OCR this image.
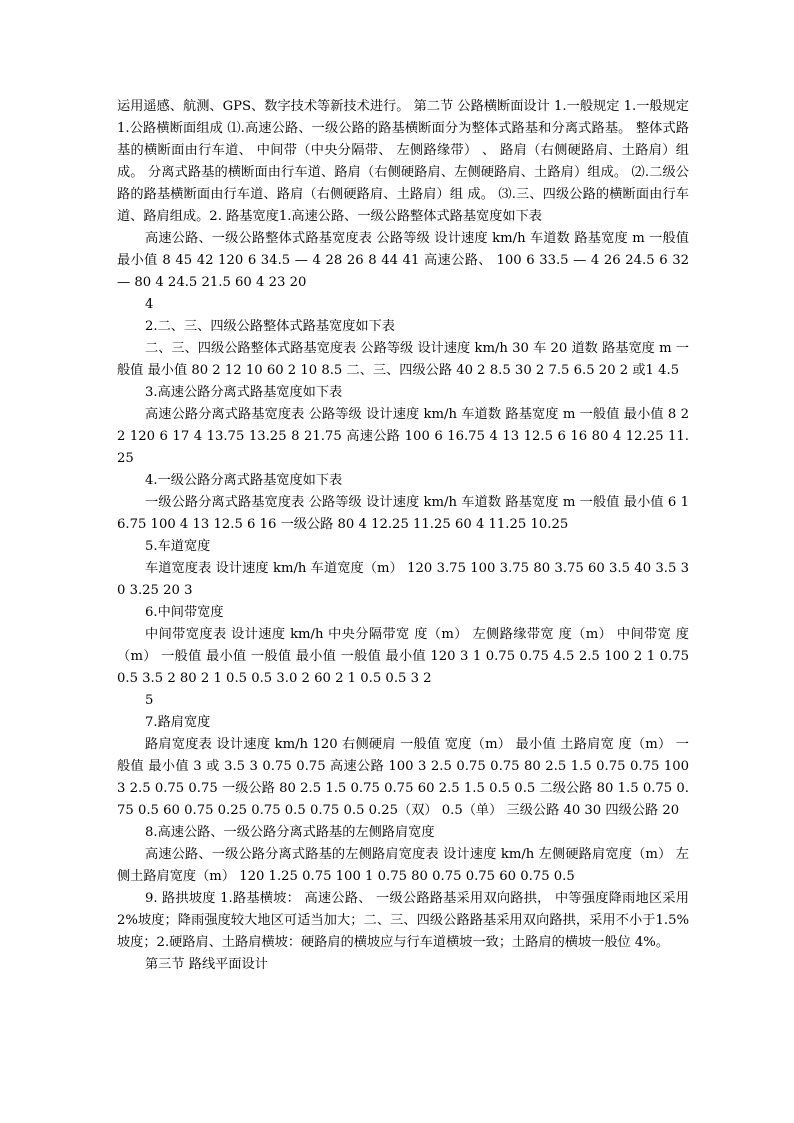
运用遥感、航测、GPS、数字技术等新技术进行。 第二节 公路横断面设计 1.一般规定 1.一般规定 1.公路横断面组成 ⑴.高速公路、一级公路的路基横断面分为整体式路基和分离式路基。 整体式路基的横断面由行车道、 中间带（中央分隔带、 左侧路缘带） 、 路肩（右侧硬路肩、土路肩）组成。 分离式路基的横断面由行车道、路肩（右侧硬路肩、左侧硬路肩、土路肩）组成。 ⑵.二级公路的路基横断面由行车道、路肩（右侧硬路肩、土路肩）组 成。 ⑶.三、四级公路的横断面由行车道、路肩组成。2. 路基宽度1.高速公路、一级公路整体式路基宽度如下表

高速公路、一级公路整体式路基宽度表 公路等级 设计速度 km/h 车道数 路基宽度 m 一般值 最小值 8 45 42 120 6 34.5 — 4 28 26 8 44 41 高速公路、 100 6 33.5 — 4 26 24.5 6 32 — 80 4 24.5 21.5 60 4 23 20

4

2.二、三、四级公路整体式路基宽度如下表

二、三、四级公路整体式路基宽度表 公路等级 设计速度 km/h 30 车 20 道数 路基宽度 m 一般值 最小值 80 2 12 10 60 2 10 8.5 二、三、四级公路 40 2 8.5 30 2 7.5 6.5 20 2 或1 4.5

3.高速公路分离式路基宽度如下表

高速公路分离式路基宽度表 公路等级 设计速度 km/h 车道数 路基宽度 m 一般值 最小值 8 22 120 6 17 4 13.75 13.25 8 21.75 高速公路 100 6 16.75 4 13 12.5 6 16 80 4 12.25 11.25

4.一级公路分离式路基宽度如下表

一级公路分离式路基宽度表 公路等级 设计速度 km/h 车道数 路基宽度 m 一般值 最小值 6 16.75 100 4 13 12.5 6 16 一级公路 80 4 12.25 11.25 60 4 11.25 10.25

5.车道宽度

车道宽度表 设计速度 km/h 车道宽度（m） 120 3.75 100 3.75 80 3.75 60 3.5 40 3.5 30 3.25 20 3

6.中间带宽度

中间带宽度表 设计速度 km/h 中央分隔带宽 度（m） 左侧路缘带宽 度（m） 中间带宽 度 （m） 一般值 最小值 一般值 最小值 一般值 最小值 120 3 1 0.75 0.75 4.5 2.5 100 2 1 0.75 0.5 3.5 2 80 2 1 0.5 0.5 3.0 2 60 2 1 0.5 0.5 3 2

5

7.路肩宽度

路肩宽度表 设计速度 km/h 120 右侧硬肩 一般值 宽度（m） 最小值 土路肩宽 度（m） 一般值 最小值 3 或 3.5 3 0.75 0.75 高速公路 100 3 2.5 0.75 0.75 80 2.5 1.5 0.75 0.75 100 3 2.5 0.75 0.75 一级公路 80 2.5 1.5 0.75 0.75 60 2.5 1.5 0.5 0.5 二级公路 80 1.5 0.75 0.75 0.5 60 0.75 0.25 0.75 0.5 0.75 0.5 0.25（双） 0.5（单） 三级公路 40 30 四级公路 20

8.高速公路、一级公路分离式路基的左侧路肩宽度

高速公路、一级公路分离式路基的左侧路肩宽度表 设计速度 km/h 左侧硬路肩宽度（m） 左侧土路肩宽度（m） 120 1.25 0.75 100 1 0.75 80 0.75 0.75 60 0.75 0.5

9. 路拱坡度 1.路基横坡： 高速公路、 一级公路路基采用双向路拱， 中等强度降雨地区采用2%坡度；降雨强度较大地区可适当加大；二、三、四级公路路基采用双向路拱，采用不小于1.5%坡度；2.硬路肩、土路肩横坡：硬路肩的横坡应与行车道横坡一致；土路肩的横坡一般位 4%。

第三节 路线平面设计
